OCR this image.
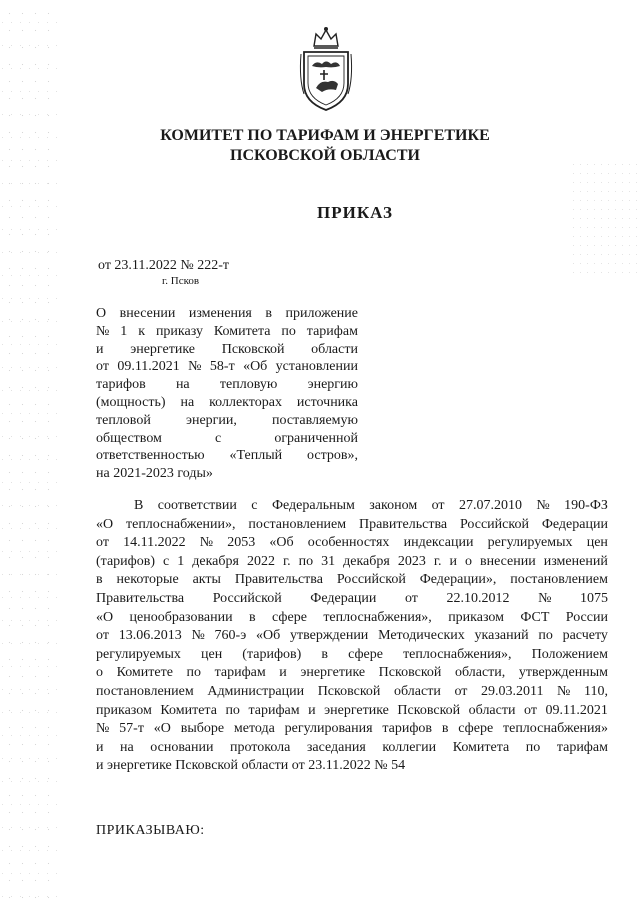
КОМИТЕТ ПО ТАРИФАМ И ЭНЕРГЕТИКЕ
ПСКОВСКОЙ ОБЛАСТИ
ПРИКАЗ
от 23.11.2022 № 222-т
г. Псков
О внесении изменения в приложение
№ 1 к приказу Комитета по тарифам
и энергетике Псковской области
от 09.11.2021 № 58-т «Об установлении
тарифов на тепловую энергию
(мощность) на коллекторах источника
тепловой	энергии,	поставляемую
обществом	с	ограниченной
ответственностью «Теплый остров»,
на 2021-2023 годы»
В соответствии с Федеральным законом от 27.07.2010 № 190-ФЗ
«О теплоснабжении», постановлением Правительства Российской Федерации
от 14.11.2022 № 2053 «Об особенностях индексации регулируемых цен
(тарифов) с 1 декабря 2022 г. по 31 декабря 2023 г. и о внесении изменений
в некоторые акты Правительства Российской Федерации», постановлением
Правительства Российской Федерации от 22.10.2012 № 1075
«О ценообразовании в сфере теплоснабжения», приказом ФСТ России
от 13.06.2013 № 760-э «Об утверждении Методических указаний по расчету
регулируемых цен (тарифов) в сфере теплоснабжения», Положением
о Комитете по тарифам и энергетике Псковской области, утвержденным
постановлением Администрации Псковской области от 29.03.2011 № 110,
приказом Комитета по тарифам и энергетике Псковской области от 09.11.2021
№ 57-т «О выборе метода регулирования тарифов в сфере теплоснабжения»
и на основании протокола заседания коллегии Комитета по тарифам
и энергетике Псковской области от 23.11.2022 № 54
ПРИКАЗЫВАЮ:
